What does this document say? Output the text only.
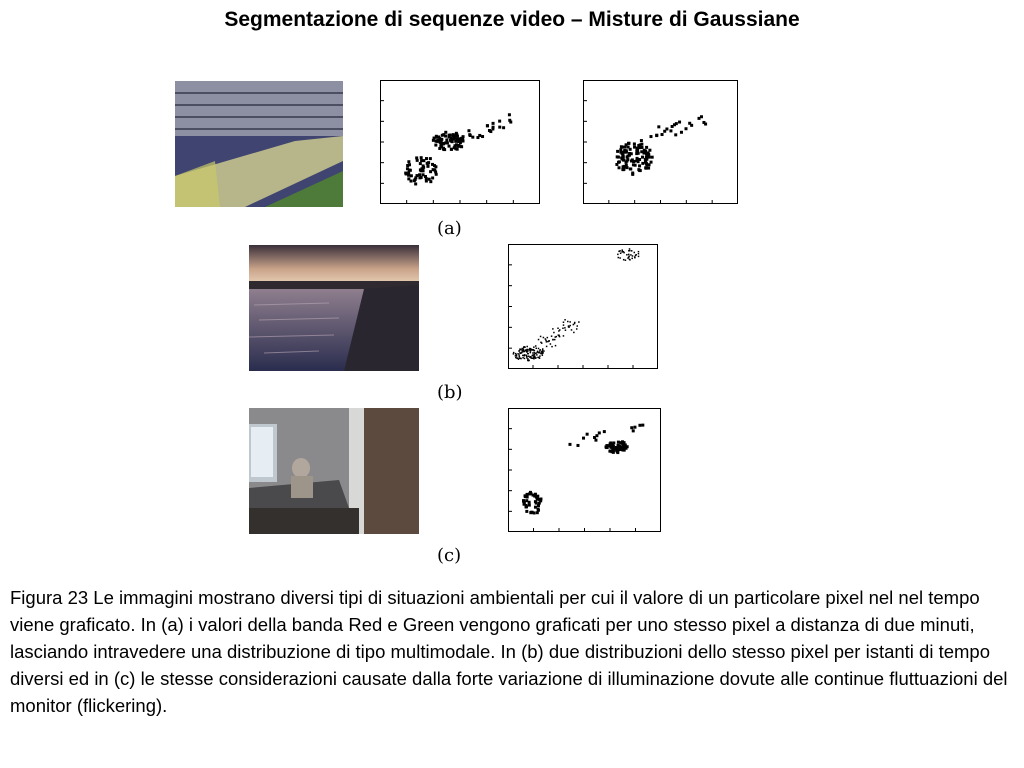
Segmentazione di sequenze video – Misture di Gaussiane
(a)
(b)
(c)
Figura 23 Le immagini mostrano diversi tipi di situazioni ambientali per cui il valore di un particolare pixel nel nel tempo viene graficato. In (a) i valori della banda Red e Green vengono graficati per uno stesso pixel a distanza di due minuti, lasciando intravedere una distribuzione di tipo multimodale. In (b) due distribuzioni dello stesso pixel per istanti di tempo diversi ed in (c) le stesse considerazioni causate dalla forte variazione di illuminazione dovute alle continue fluttuazioni del monitor (flickering).
